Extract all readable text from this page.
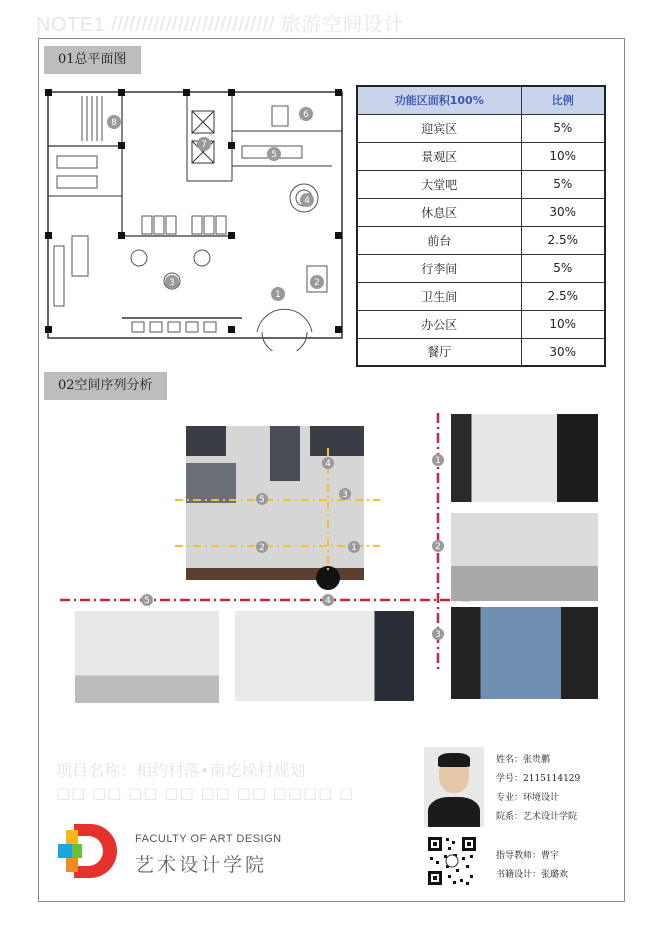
NOTE1 /////////////////////////// 旅游空间设计
01总平面图
1
2
3
4
5
6
7
8
功能区面积100%	比例
迎宾区	5%
景观区	10%
大堂吧	5%
休息区	30%
前台	2.5%
行李间	5%
卫生间	2.5%
办公区	10%
餐厅	30%
02空间序列分析
1
2
3
4
5
1
2
3
5	4
项目名称：相约村落•南圪垛村规划
□□ □□ □□ □□ □□ □□ □□□□ □
FACULTY OF ART DESIGN
艺术设计学院
姓名：张贵鹏
学号：2115114129
专业：环境设计
院系：艺术设计学院
指导教师：曹宇
书籍设计：张璐欢
